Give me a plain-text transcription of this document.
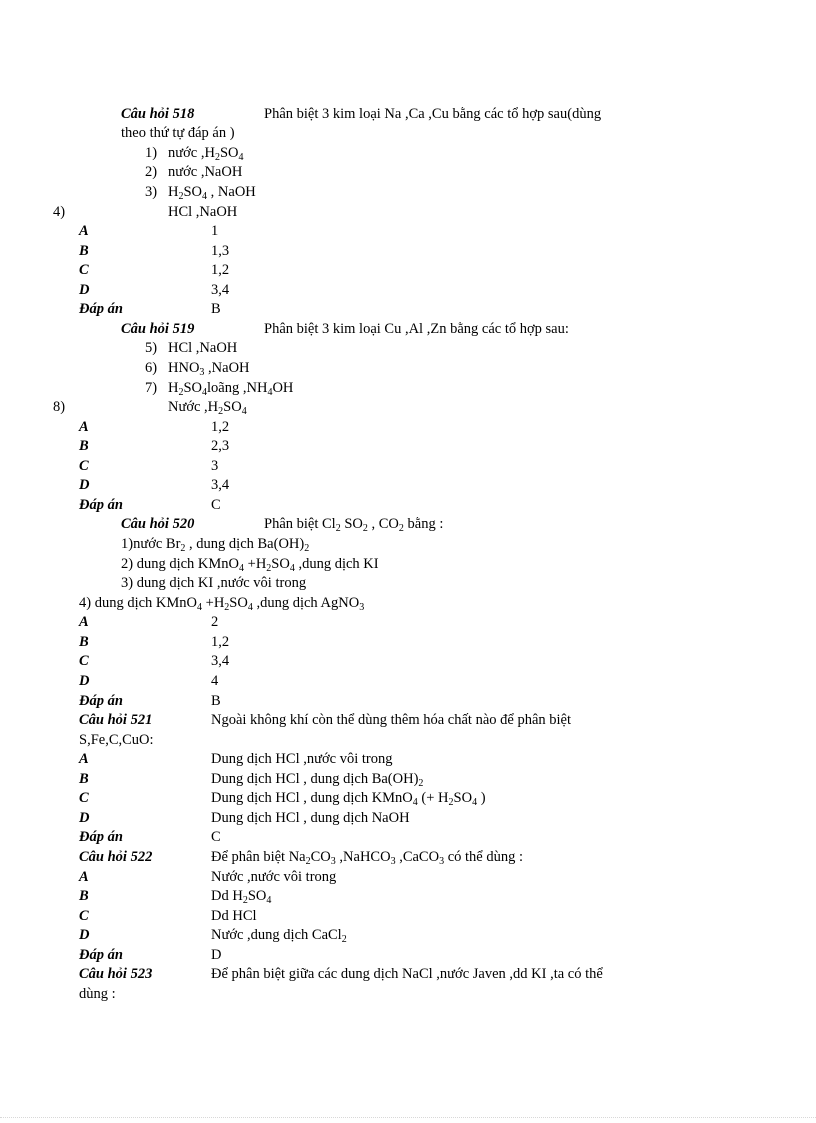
Câu hỏi 518	Phân biệt 3 kim loại Na ,Ca ,Cu bằng các tổ hợp sau(dùng
theo thứ tự đáp án )
1) nước $,H_2SO_4$
2) nước ,NaOH
3) $H_2SO_4$ , NaOH
4)	HCl ,NaOH
A	1
B	1,3
C	1,2
D	3,4
Đáp án	B
Câu hỏi 519	Phân biệt 3 kim loại Cu ,Al ,Zn bằng các tổ hợp sau:
5) HCl ,NaOH
6) $HNO_3$ ,NaOH
7) $H_2SO_4loãng$ $,NH_4OH$
8)	Nước $,H_2SO_4$
A	1,2
B	2,3
C	3
D	3,4
Đáp án	C
Câu hỏi 520	Phân biệt $Cl_2$ $SO_2$ , $CO_2$ bằng :
1)nước $Br_2$ , dung dịch $Ba(OH)_2$
2) dung dịch KMnO$_4$ $+H_2SO_4$ ,dung dịch KI
3) dung dịch KI ,nước vôi trong
4) dung dịch KMnO$_4$ $+H_2SO_4$ ,dung dịch AgNO$_3$
A	2
B	1,2
C	3,4
D	4
Đáp án	B
Câu hỏi 521	Ngoài không khí còn thể dùng thêm hóa chất nào để phân biệt
S,Fe,C,CuO:
A	Dung dịch HCl ,nước vôi trong
B	Dung dịch HCl , dung dịch $Ba(OH)_2$
C	Dung dịch HCl , dung dịch KMnO$_4$ (+ $H_2SO_4$ )
D	Dung dịch HCl , dung dịch NaOH
Đáp án	C
Câu hỏi 522	Để phân biệt $Na_2CO_3$ ,NaHCO$_3$ ,CaCO$_3$ có thể dùng :
A	Nước ,nước vôi trong
B	Dd $H_2SO_4$
C	Dd HCl
D	Nước ,dung dịch CaCl$_2$
Đáp án	D
Câu hỏi 523	Để phân biệt giữa các dung dịch NaCl ,nước Javen ,dd KI ,ta có thể
dùng :
